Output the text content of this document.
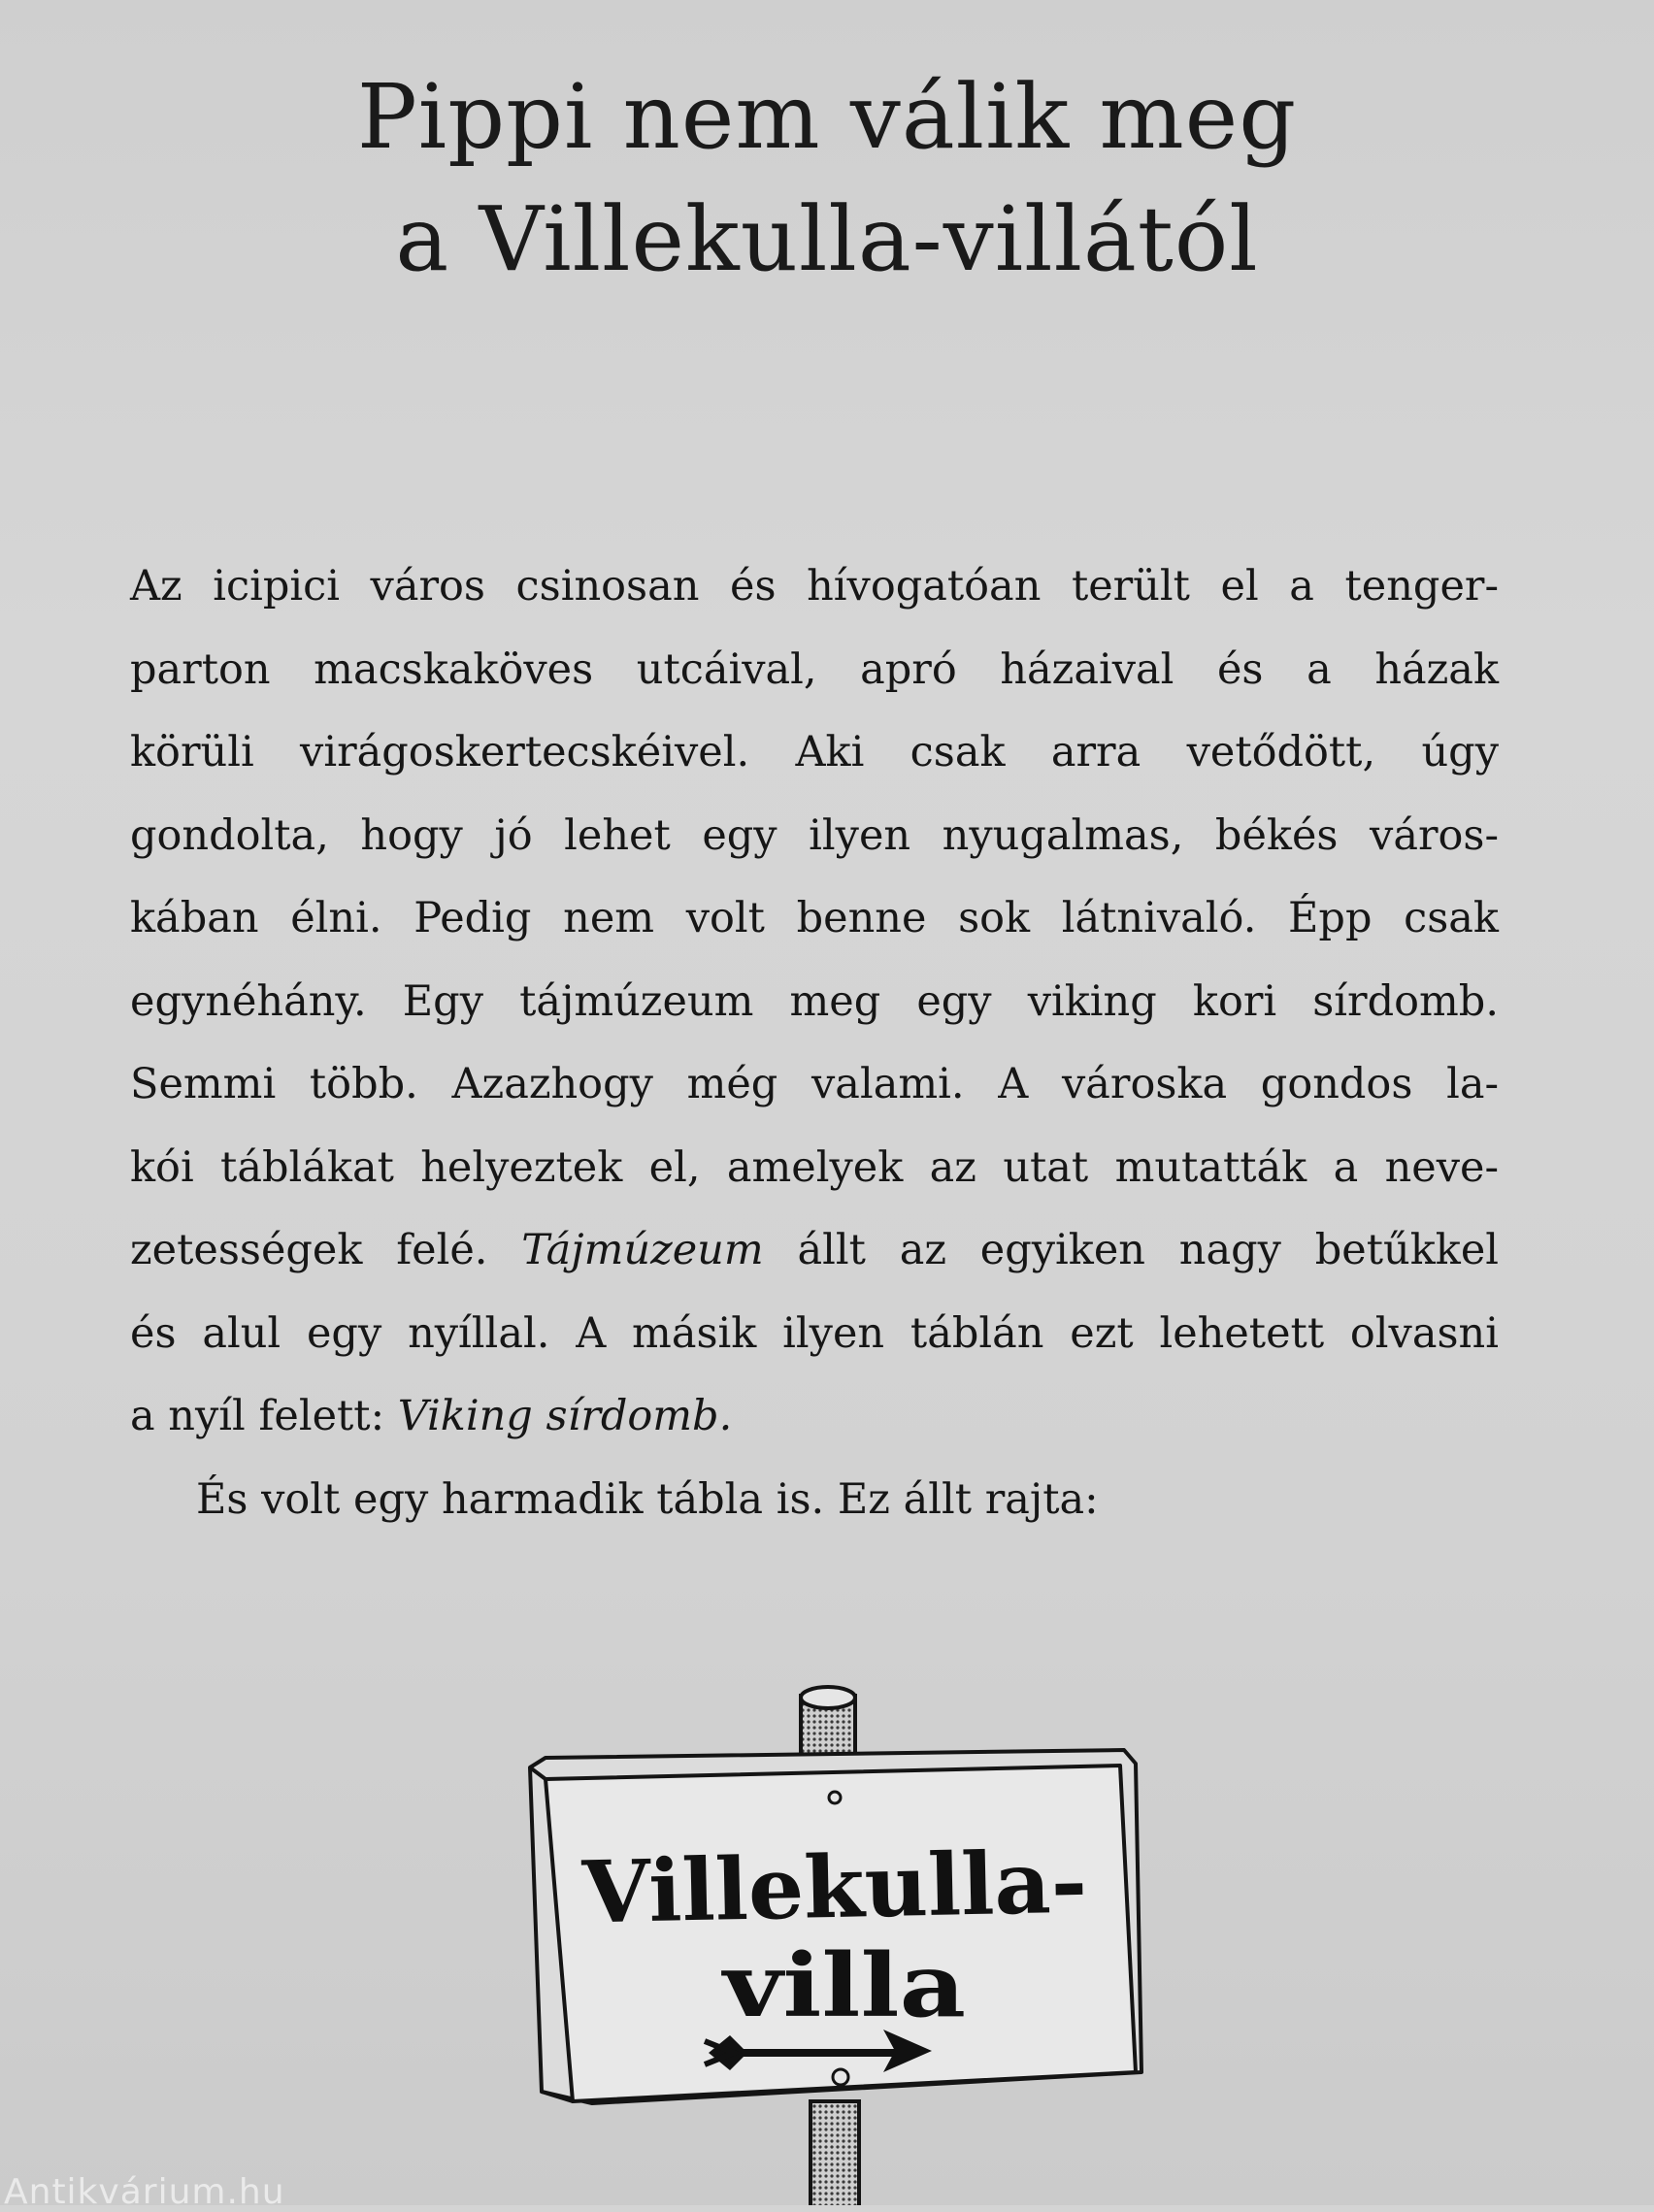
Pippi nem válik meg
a Villekulla-villától
Az icipici város csinosan és hívogatóan terült el a tenger-
parton macskaköves utcáival, apró házaival és a házak
körüli virágoskertecskéivel. Aki csak arra vetődött, úgy
gondolta, hogy jó lehet egy ilyen nyugalmas, békés város-
kában élni. Pedig nem volt benne sok látnivaló. Épp csak
egynéhány. Egy tájmúzeum meg egy viking kori sírdomb.
Semmi több. Azazhogy még valami. A városka gondos la-
kói táblákat helyeztek el, amelyek az utat mutatták a neve-
zetességek felé. Tájmúzeum állt az egyiken nagy betűkkel
és alul egy nyíllal. A másik ilyen táblán ezt lehetett olvasni
a nyíl felett: Viking sírdomb.
És volt egy harmadik tábla is. Ez állt rajta:
Villekulla-
villa
Antikvárium.hu
